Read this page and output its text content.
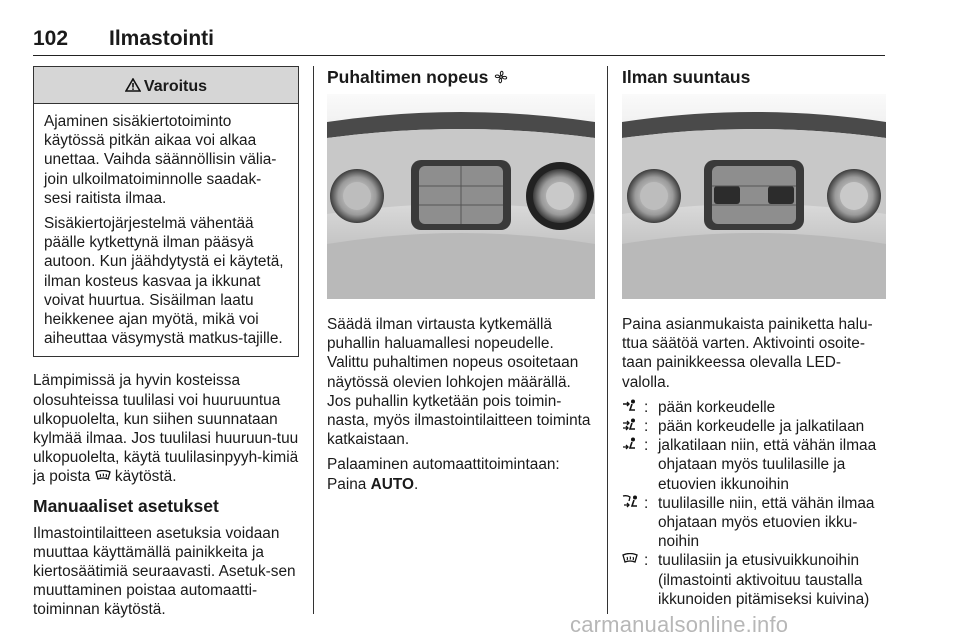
102 Ilmastointi
Varoitus

Ajaminen sisäkiertotoiminto käytössä pitkän aikaa voi alkaa unettaa. Vaihda säännöllisin välia-join ulkoilmatoiminnolle saadak-sesi raitista ilmaa.

Sisäkiertojärjestelmä vähentää päälle kytkettynä ilman pääsyä autoon. Kun jäähdytystä ei käytetä, ilman kosteus kasvaa ja ikkunat voivat huurtua. Sisäilman laatu heikkenee ajan myötä, mikä voi aiheuttaa väsymystä matkus-tajille.

Lämpimissä ja hyvin kosteissa olosuhteissa tuulilasi voi huuruuntua ulkopuolelta, kun siihen suunnataan kylmää ilmaa. Jos tuulilasi huuruun-tuu ulkopuolelta, käytä tuulilasinpyyh-kimiä ja poista käytöstä.

Manuaaliset asetukset

Ilmastointilaitteen asetuksia voidaan muuttaa käyttämällä painikkeita ja kiertosäätimiä seuraavasti. Asetuk-sen muuttaminen poistaa automaatti-toiminnan käytöstä.

Puhaltimen nopeus

Säädä ilman virtausta kytkemällä puhallin haluamallesi nopeudelle. Valittu puhaltimen nopeus osoitetaan näytössä olevien lohkojen määrällä. Jos puhallin kytketään pois toimin-nasta, myös ilmastointilaitteen toiminta katkaistaan.

Palaaminen automaattitoimintaan: Paina AUTO.

Ilman suuntaus

Paina asianmukaista painiketta halu-ttua säätöä varten. Aktivointi osoite-taan painikkeessa olevalla LED-valolla.

: pään korkeudelle
: pään korkeudelle ja jalkatilaan
: jalkatilaan niin, että vähän ilmaa ohjataan myös tuulilasille ja etuovien ikkunoihin
: tuulilasille niin, että vähän ilmaa ohjataan myös etuovien ikku-noihin
: tuulilasiin ja etusivuikkunoihin (ilmastointi aktivoituu taustalla ikkunoiden pitämiseksi kuivina)
carmanualsonline.info
